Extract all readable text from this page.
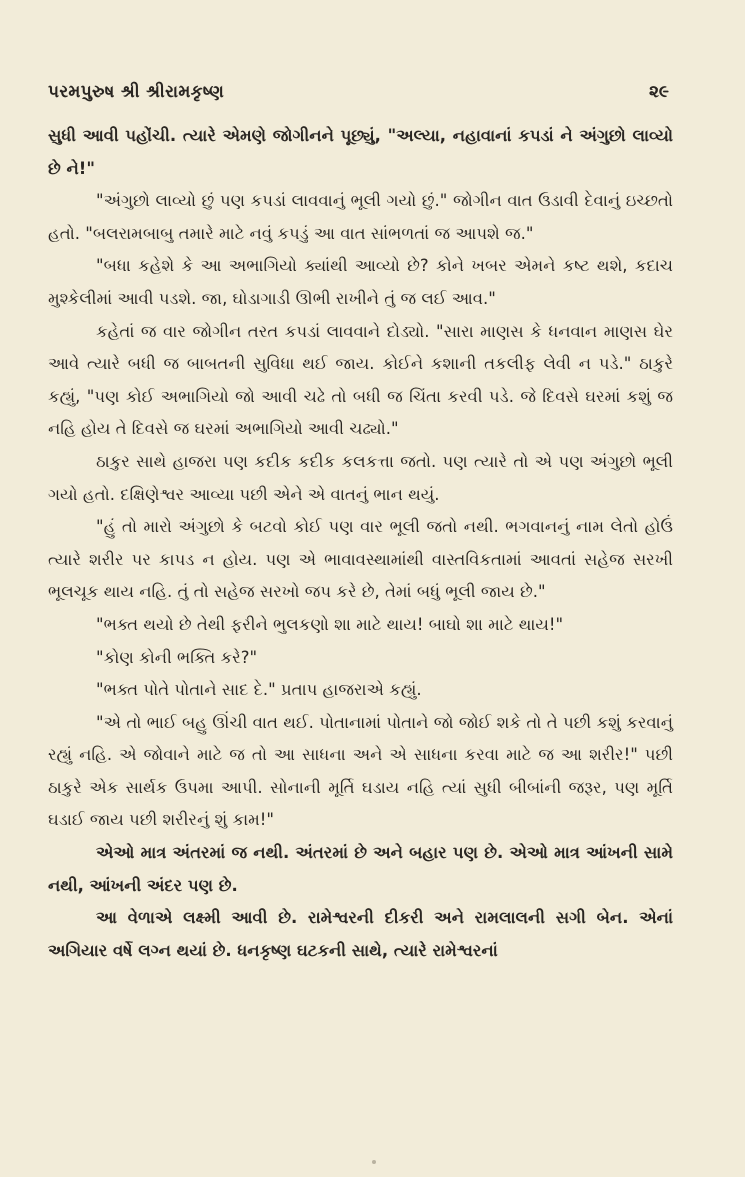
પરમપુરુષ શ્રી શ્રીરામકૃષ્ણ	૨૯

સુધી આવી પહોંચી. ત્યારે એમણે જોગીનને પૂછ્યું, "અલ્યા, નહાવાનાં કપડાં ને અંગુછો લાવ્યો છે ને!"

"અંગુછો લાવ્યો છું પણ કપડાં લાવવાનું ભૂલી ગયો છું." જોગીન વાત ઉડાવી દેવાનું ઇચ્છતો હતો. "બલરામબાબુ તમારે માટે નવું કપડું આ વાત સાંભળતાં જ આપશે જ."

"બધા કહેશે કે આ અભાગિયો ક્યાંથી આવ્યો છે? કોને ખબર એમને કષ્ટ થશે, કદાચ મુશ્કેલીમાં આવી પડશે. જા, ઘોડાગાડી ઊભી રાખીને તું જ લઈ આવ."

કહેતાં જ વાર જોગીન તરત કપડાં લાવવાને દોડ્યો. "સારા માણસ કે ધનવાન માણસ ઘેર આવે ત્યારે બધી જ બાબતની સુવિધા થઈ જાય. કોઈને કશાની તકલીફ લેવી ન પડે." ઠાકુરે કહ્યું, "પણ કોઈ અભાગિયો જો આવી ચઢે તો બધી જ ચિંતા કરવી પડે. જે દિવસે ઘરમાં કશું જ નહિ હોય તે દિવસે જ ઘરમાં અભાગિયો આવી ચઢ્યો."

ઠાકુર સાથે હાજરા પણ કદીક કદીક કલકત્તા જતો. પણ ત્યારે તો એ પણ અંગુછો ભૂલી ગયો હતો. દક્ષિણેશ્વર આવ્યા પછી એને એ વાતનું ભાન થયું.

"હું તો મારો અંગુછો કે બટવો કોઈ પણ વાર ભૂલી જતો નથી. ભગવાનનું નામ લેતો હોઉં ત્યારે શરીર પર કાપડ ન હોય. પણ એ ભાવાવસ્થામાંથી વાસ્તવિકતામાં આવતાં સહેજ સરખી ભૂલચૂક થાય નહિ. તું તો સહેજ સરખો જપ કરે છે, તેમાં બધું ભૂલી જાય છે."

"ભક્ત થયો છે તેથી ફરીને ભુલકણો શા માટે થાય! બાઘો શા માટે થાય!"

"કોણ કોની ભક્તિ કરે?"

"ભક્ત પોતે પોતાને સાદ દે." પ્રતાપ હાજરાએ કહ્યું.

"એ તો ભાઈ બહુ ઊંચી વાત થઈ. પોતાનામાં પોતાને જો જોઈ શકે તો તે પછી કશું કરવાનું રહ્યું નહિ. એ જોવાને માટે જ તો આ સાધના અને એ સાધના કરવા માટે જ આ શરીર!" પછી ઠાકુરે એક સાર્થક ઉપમા આપી. સોનાની મૂર્તિ ઘડાય નહિ ત્યાં સુધી બીબાંની જરૂર, પણ મૂર્તિ ઘડાઈ જાય પછી શરીરનું શું કામ!"

એઓ માત્ર અંતરમાં જ નથી. અંતરમાં છે અને બહાર પણ છે. એઓ માત્ર આંખની સામે નથી, આંખની અંદર પણ છે.

આ વેળાએ લક્ષ્મી આવી છે. રામેશ્વરની દીકરી અને રામલાલની સગી બેન. એનાં અગિયાર વર્ષે લગ્ન થયાં છે. ધનકૃષ્ણ ઘટકની સાથે, ત્યારે રામેશ્વરનાં
